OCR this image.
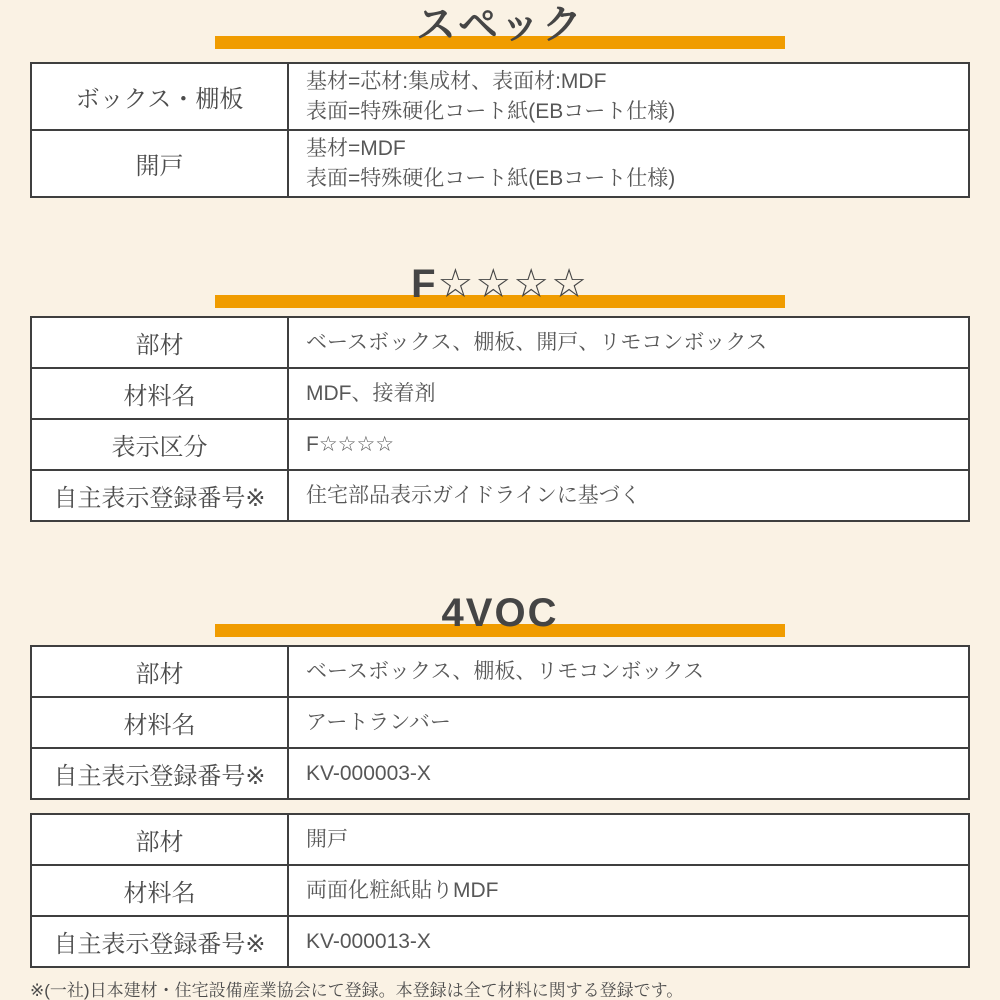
スペック
ボックス・棚板	基材=芯材:集成材、表面材:MDF
表面=特殊硬化コート紙(EBコート仕様)

開戸	基材=MDF
表面=特殊硬化コート紙(EBコート仕様)
F☆☆☆☆
部材	ベースボックス、棚板、開戸、リモコンボックス

材料名	MDF、接着剤

表示区分	F☆☆☆☆

自主表示登録番号※	住宅部品表示ガイドラインに基づく
4VOC
部材	ベースボックス、棚板、リモコンボックス

材料名	アートランバー

自主表示登録番号※	KV-000003-X
部材	開戸

材料名	両面化粧紙貼りMDF

自主表示登録番号※	KV-000013-X
※(一社)日本建材・住宅設備産業協会にて登録。本登録は全て材料に関する登録です。
